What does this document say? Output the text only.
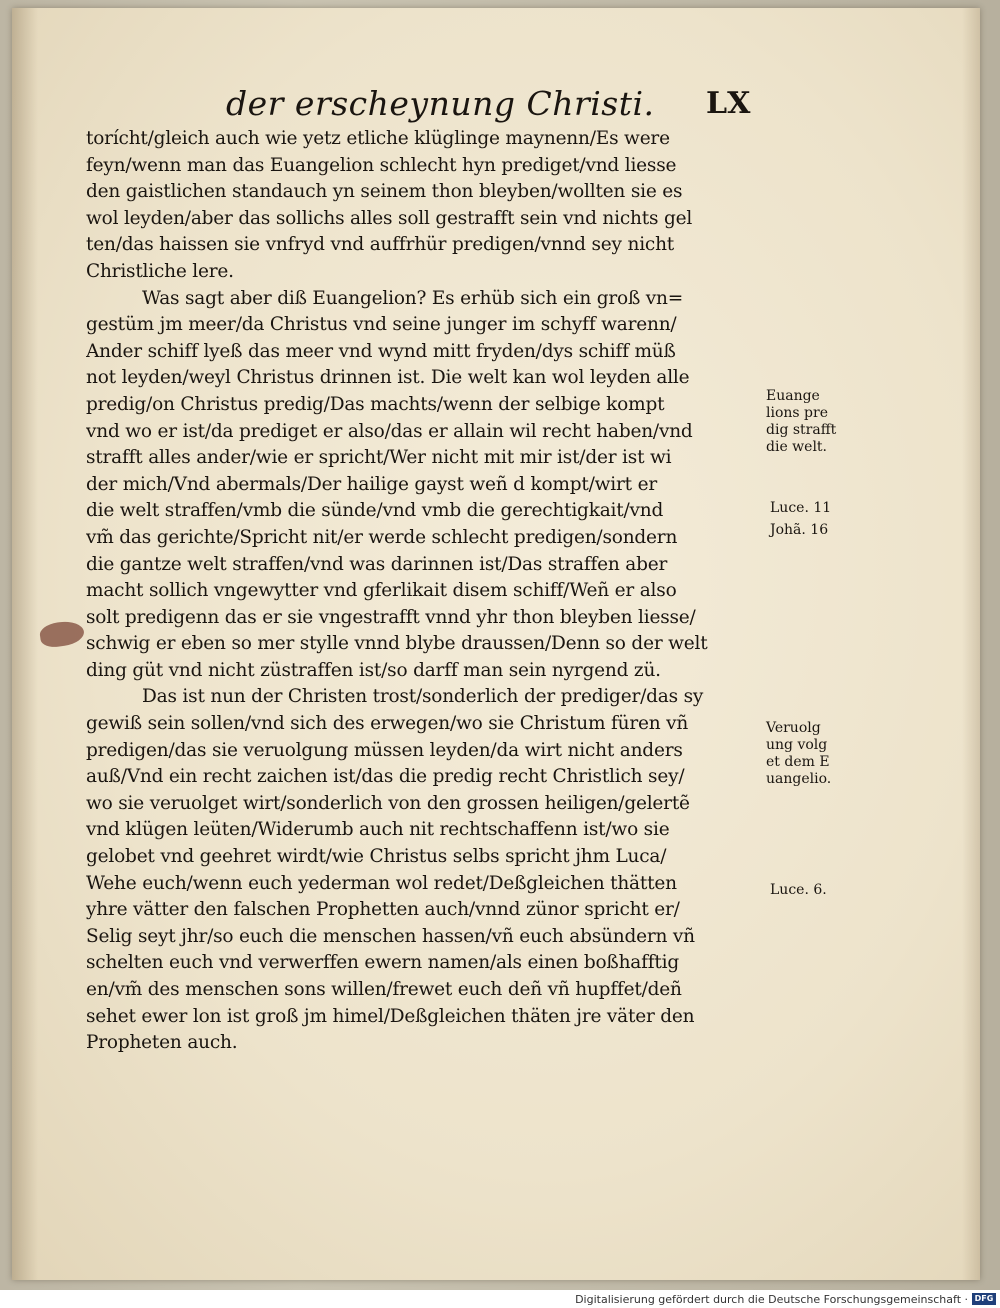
der erscheynung Christi. LX
torícht/gleich auch wie yetz etliche klüglinge maynenn/Es were
feyn/wenn man das Euangelion schlecht hyn prediget/vnd liesse
den gaistlichen standauch yn seinem thon bleyben/wollten sie es
wol leyden/aber das sollichs alles soll gestrafft sein vnd nichts gel
ten/das haissen sie vnfryd vnd auffrhür predigen/vnnd sey nicht
Christliche lere.
Was sagt aber diß Euangelion? Es erhüb sich ein groß vn=
gestüm jm meer/da Christus vnd seine junger im schyff warenn/
Ander schiff lyeß das meer vnd wynd mitt fryden/dys schiff müß
not leyden/weyl Christus drinnen ist. Die welt kan wol leyden alle
predig/on Christus predig/Das machts/wenn der selbige kompt
vnd wo er ist/da prediget er also/das er allain wil recht haben/vnd
strafft alles ander/wie er spricht/Wer nicht mit mir ist/der ist wi
der mich/Vnd abermals/Der hailige gayst weñ d kompt/wirt er
die welt straffen/vmb die sünde/vnd vmb die gerechtigkait/vnd
vm̃ das gerichte/Spricht nit/er werde schlecht predigen/sondern
die gantze welt straffen/vnd was darinnen ist/Das straffen aber
macht sollich vngewytter vnd gferlikait disem schiff/Weñ er also
solt predigenn das er sie vngestrafft vnnd yhr thon bleyben liesse/
schwig er eben so mer stylle vnnd blybe draussen/Denn so der welt
ding güt vnd nicht züstraffen ist/so darff man sein nyrgend zü.
Das ist nun der Christen trost/sonderlich der prediger/das sy
gewiß sein sollen/vnd sich des erwegen/wo sie Christum füren vñ
predigen/das sie veruolgung müssen leyden/da wirt nicht anders
auß/Vnd ein recht zaichen ist/das die predig recht Christlich sey/
wo sie veruolget wirt/sonderlich von den grossen heiligen/gelertẽ
vnd klügen leüten/Widerumb auch nit rechtschaffenn ist/wo sie
gelobet vnd geehret wirdt/wie Christus selbs spricht jhm Luca/
Wehe euch/wenn euch yederman wol redet/Deßgleichen thätten
yhre vätter den falschen Prophetten auch/vnnd zünor spricht er/
Selig seyt jhr/so euch die menschen hassen/vñ euch absündern vñ
schelten euch vnd verwerffen ewern namen/als einen boßhafftig
en/vm̃ des menschen sons willen/frewet euch deñ vñ hupffet/deñ
sehet ewer lon ist groß jm himel/Deßgleichen thäten jre väter den
Propheten auch.
Euange
lions pre
dig strafft
die welt.
Luce. 11
Johã. 16
Veruolg
ung volg
et dem E
uangelio.
Luce. 6.
Digitalisierung gefördert durch die Deutsche Forschungsgemeinschaft · DFG
